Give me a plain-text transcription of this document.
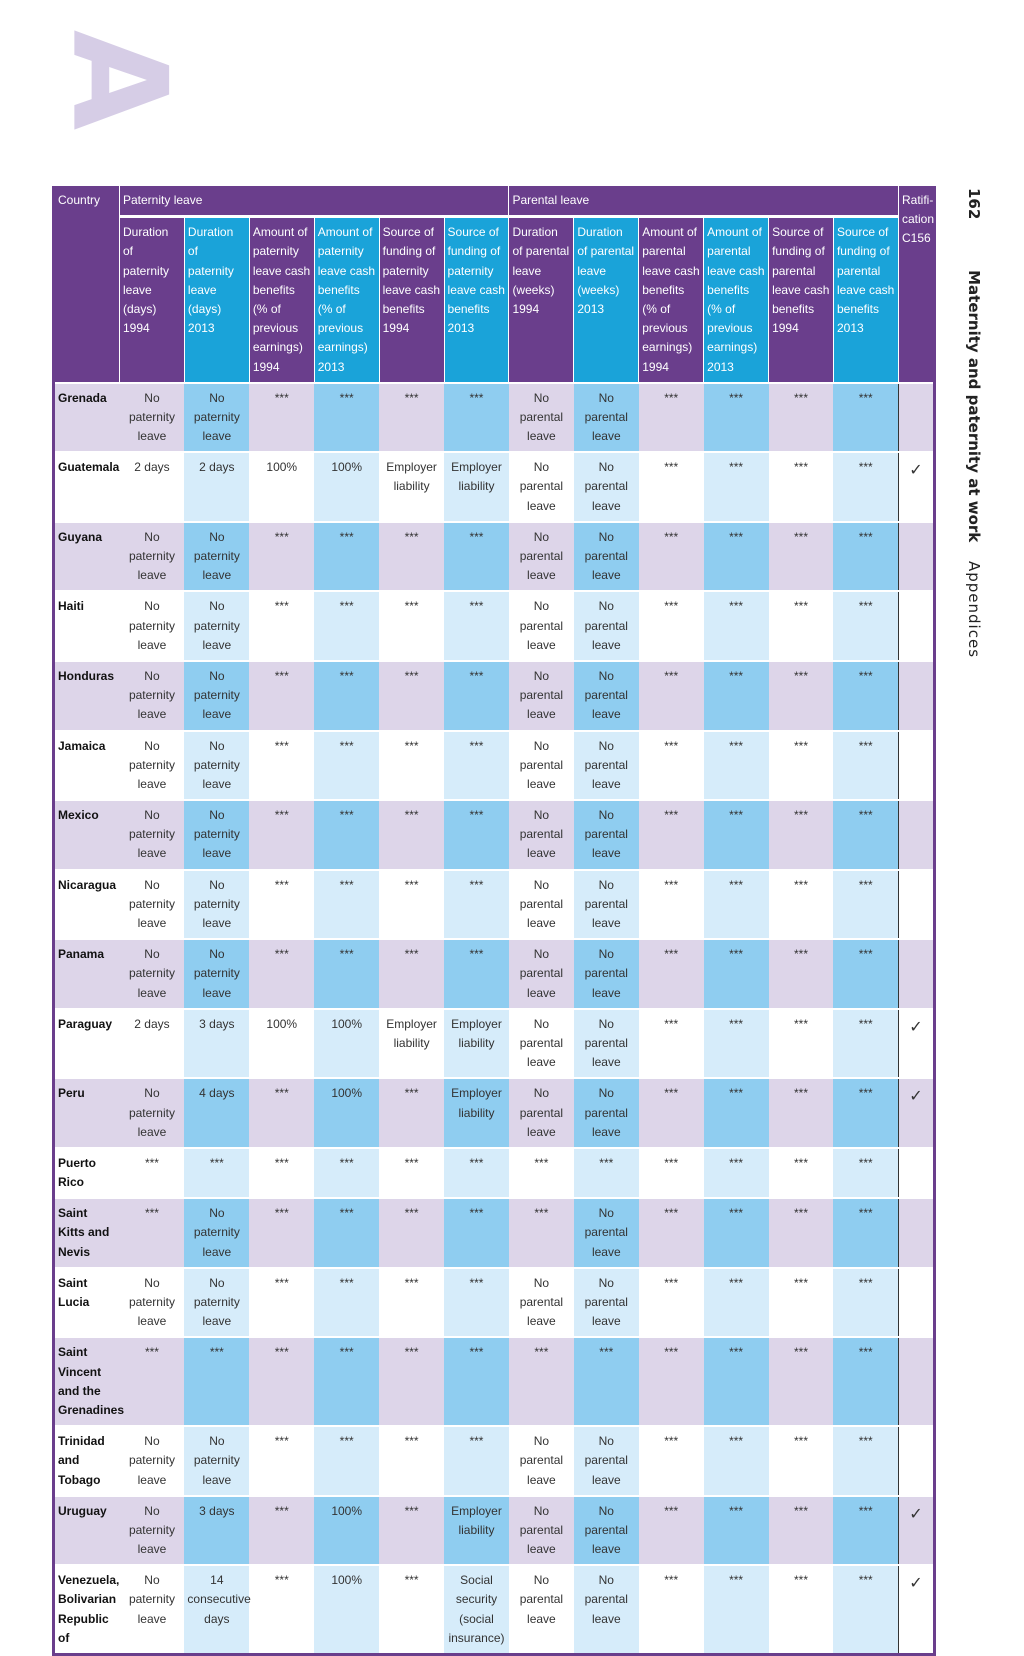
A
162 Maternity and paternity at work Appendices
Country	Paternity leave						Parental leave						Ratifi-cation C156
	Duration of paternity leave (days) 1994	Duration of paternity leave (days) 2013	Amount of paternity leave cash benefits (% of previous earnings) 1994	Amount of paternity leave cash benefits (% of previous earnings) 2013	Source of funding of paternity leave cash benefits 1994	Source of funding of paternity leave cash benefits 2013	Duration of parental leave (weeks) 1994	Duration of parental leave (weeks) 2013	Amount of parental leave cash benefits (% of previous earnings) 1994	Amount of parental leave cash benefits (% of previous earnings) 2013	Source of funding of parental leave cash benefits 1994	Source of funding of parental leave cash benefits 2013	
Grenada	No paternity leave	No paternity leave	***	***	***	***	No parental leave	No parental leave	***	***	***	***	
Guatemala	2 days	2 days	100%	100%	Employer liability	Employer liability	No parental leave	No parental leave	***	***	***	***	✓
Guyana	No paternity leave	No paternity leave	***	***	***	***	No parental leave	No parental leave	***	***	***	***	
Haiti	No paternity leave	No paternity leave	***	***	***	***	No parental leave	No parental leave	***	***	***	***	
Honduras	No paternity leave	No paternity leave	***	***	***	***	No parental leave	No parental leave	***	***	***	***	
Jamaica	No paternity leave	No paternity leave	***	***	***	***	No parental leave	No parental leave	***	***	***	***	
Mexico	No paternity leave	No paternity leave	***	***	***	***	No parental leave	No parental leave	***	***	***	***	
Nicaragua	No paternity leave	No paternity leave	***	***	***	***	No parental leave	No parental leave	***	***	***	***	
Panama	No paternity leave	No paternity leave	***	***	***	***	No parental leave	No parental leave	***	***	***	***	
Paraguay	2 days	3 days	100%	100%	Employer liability	Employer liability	No parental leave	No parental leave	***	***	***	***	✓
Peru	No paternity leave	4 days	***	100%	***	Employer liability	No parental leave	No parental leave	***	***	***	***	✓
Puerto Rico	***	***	***	***	***	***	***	***	***	***	***	***	
Saint Kitts and Nevis	***	No paternity leave	***	***	***	***	***	No parental leave	***	***	***	***	
Saint Lucia	No paternity leave	No paternity leave	***	***	***	***	No parental leave	No parental leave	***	***	***	***	
Saint Vincent and the Grenadines	***	***	***	***	***	***	***	***	***	***	***	***	
Trinidad and Tobago	No paternity leave	No paternity leave	***	***	***	***	No parental leave	No parental leave	***	***	***	***	
Uruguay	No paternity leave	3 days	***	100%	***	Employer liability	No parental leave	No parental leave	***	***	***	***	✓
Venezuela, Bolivarian Republic of	No paternity leave	14 consecutive days	***	100%	***	Social security (social insurance)	No parental leave	No parental leave	***	***	***	***	✓
